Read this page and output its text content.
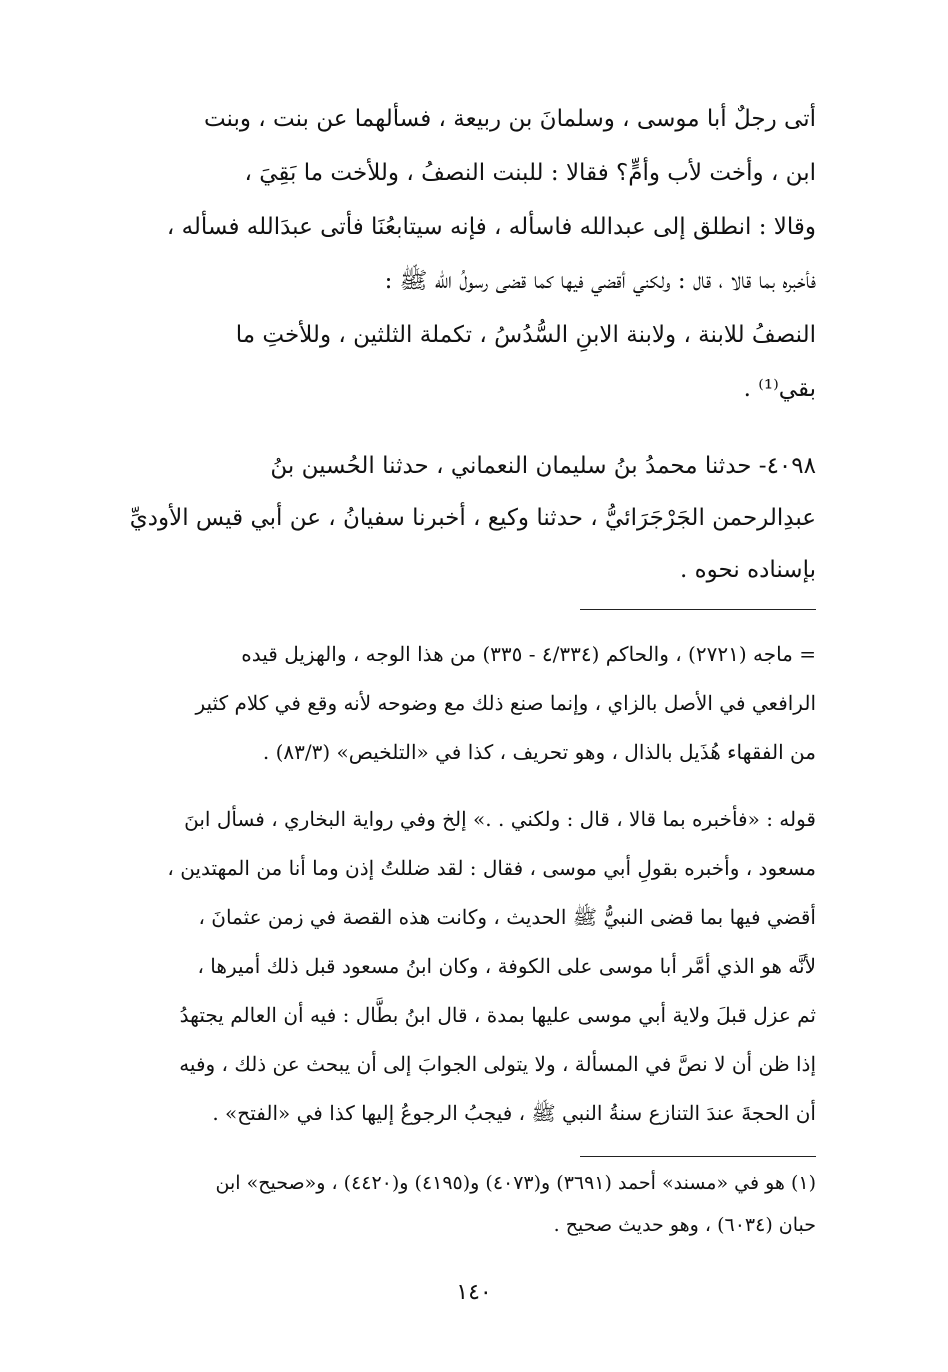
أتى رجلٌ أبا موسى ، وسلمانَ بن ربيعة ، فسألهما عن بنت ، وبنت
ابن ، وأخت لأب وأمٍّ؟ فقالا : للبنت النصفُ ، وللأخت ما بَقِيَ ،
وقالا : انطلق إلى عبدالله فاسأله ، فإنه سيتابعُنَا فأتى عبدَالله فسأله ،
فأخبره بما قالا ، قال : ولكني أقضي فيها كما قضى رسولُ الله ﷺ :
النصفُ للابنة ، ولابنة الابنِ السُّدُسُ ، تكملة الثلثين ، وللأختِ ما
بقي⁽¹⁾ .
٤٠٩٨- حدثنا محمدُ بنُ سليمان النعماني ، حدثنا الحُسين بنُ
عبدِالرحمن الجَرْجَرَائيُّ ، حدثنا وكيع ، أخبرنا سفيانُ ، عن أبي قيس الأوديِّ
بإسناده نحوه .
= ماجه (٢٧٢١) ، والحاكم (٤/٣٣٤ - ٣٣٥) من هذا الوجه ، والهزيل قيده
الرافعي في الأصل بالزاي ، وإنما صنع ذلك مع وضوحه لأنه وقع في كلام كثير
من الفقهاء هُذَيل بالذال ، وهو تحريف ، كذا في «التلخيص» (٨٣/٣) .
قوله : «فأخبره بما قالا ، قال : ولكني . .» إلخ وفي رواية البخاري ، فسأل ابنَ
مسعود ، وأخبره بقولِ أبي موسى ، فقال : لقد ضللتُ إذن وما أنا من المهتدين ،
أقضي فيها بما قضى النبيُّ ﷺ الحديث ، وكانت هذه القصة في زمن عثمانَ ،
لأنَّه هو الذي أمَّر أبا موسى على الكوفة ، وكان ابنُ مسعود قبل ذلك أميرها ،
ثم عزل قبلَ ولاية أبي موسى عليها بمدة ، قال ابنُ بطَّال : فيه أن العالم يجتهدُ
إذا ظن أن لا نصَّ في المسألة ، ولا يتولى الجوابَ إلى أن يبحث عن ذلك ، وفيه
أن الحجةَ عندَ التنازع سنةُ النبي ﷺ ، فيجبُ الرجوعُ إليها كذا في «الفتح» .
(١) هو في «مسند» أحمد (٣٦٩١) و(٤٠٧٣) و(٤١٩٥) و(٤٤٢٠) ، و«صحيح» ابن
حبان (٦٠٣٤) ، وهو حديث صحيح .
١٤٠
